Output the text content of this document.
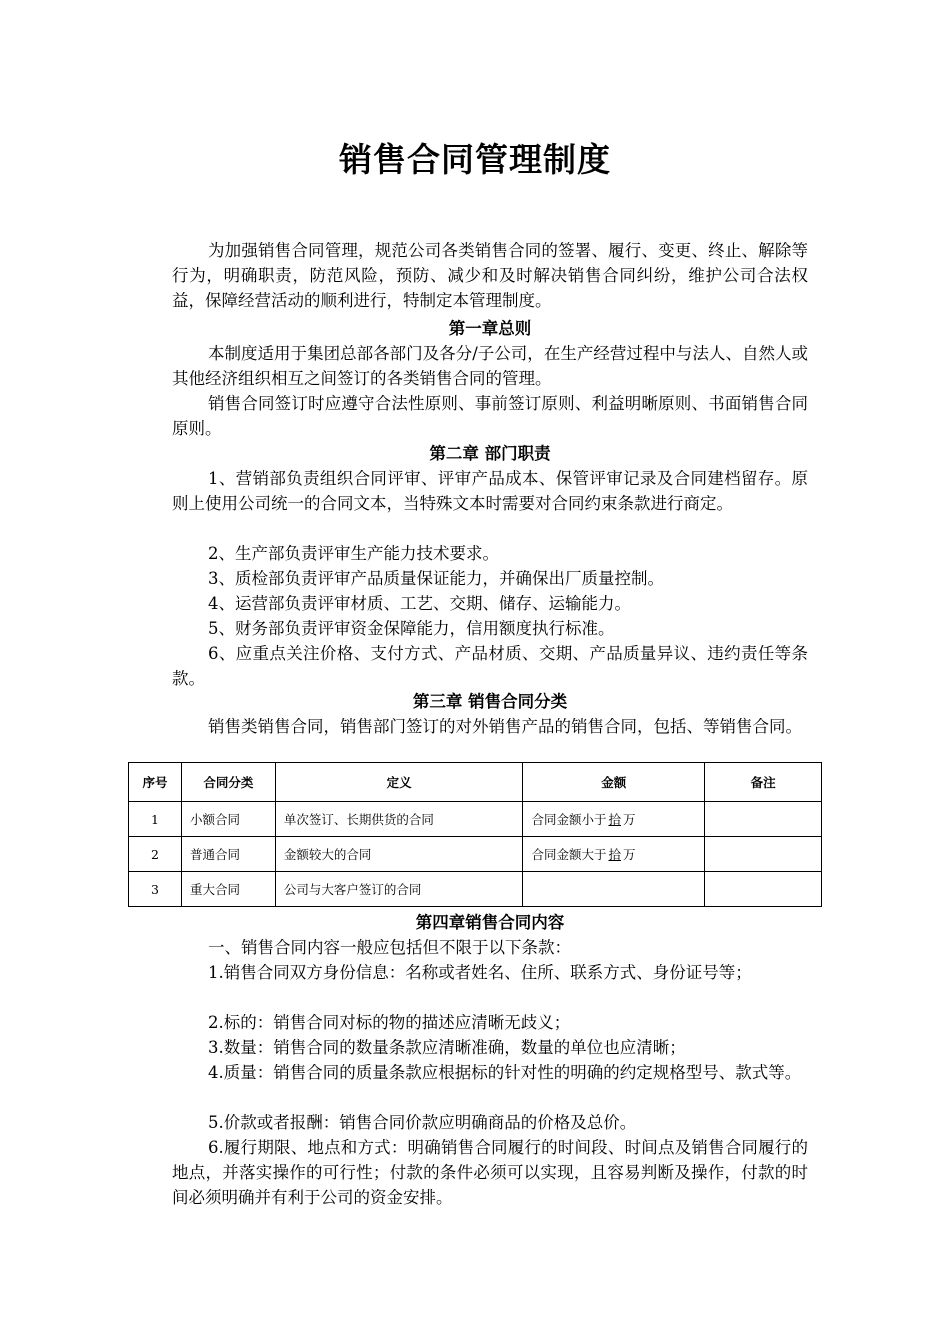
销售合同管理制度

为加强销售合同管理，规范公司各类销售合同的签署、履行、变更、终止、解除等行为，明确职责，防范风险，预防、减少和及时解决销售合同纠纷，维护公司合法权益，保障经营活动的顺利进行，特制定本管理制度。

第一章总则

本制度适用于集团总部各部门及各分/子公司，在生产经营过程中与法人、自然人或其他经济组织相互之间签订的各类销售合同的管理。

销售合同签订时应遵守合法性原则、事前签订原则、利益明晰原则、书面销售合同原则。

第二章 部门职责

1、营销部负责组织合同评审、评审产品成本、保管评审记录及合同建档留存。原则上使用公司统一的合同文本，当特殊文本时需要对合同约束条款进行商定。

2、生产部负责评审生产能力技术要求。

3、质检部负责评审产品质量保证能力，并确保出厂质量控制。

4、运营部负责评审材质、工艺、交期、储存、运输能力。

5、财务部负责评审资金保障能力，信用额度执行标准。

6、应重点关注价格、支付方式、产品材质、交期、产品质量异议、违约责任等条款。

第三章 销售合同分类

销售类销售合同，销售部门签订的对外销售产品的销售合同，包括、等销售合同。

序号	合同分类	定义	金额	备注
1	小额合同	单次签订、长期供货的合同	合同金额小于 拾 万	
2	普通合同	金额较大的合同	合同金额大于 拾 万	
3	重大合同	公司与大客户签订的合同		

第四章销售合同内容

一、销售合同内容一般应包括但不限于以下条款：

1.销售合同双方身份信息：名称或者姓名、住所、联系方式、身份证号等；

2.标的：销售合同对标的物的描述应清晰无歧义；

3.数量：销售合同的数量条款应清晰准确，数量的单位也应清晰；

4.质量：销售合同的质量条款应根据标的针对性的明确的约定规格型号、款式等。

5.价款或者报酬：销售合同价款应明确商品的价格及总价。

6.履行期限、地点和方式：明确销售合同履行的时间段、时间点及销售合同履行的地点，并落实操作的可行性；付款的条件必须可以实现，且容易判断及操作，付款的时间必须明确并有利于公司的资金安排。
